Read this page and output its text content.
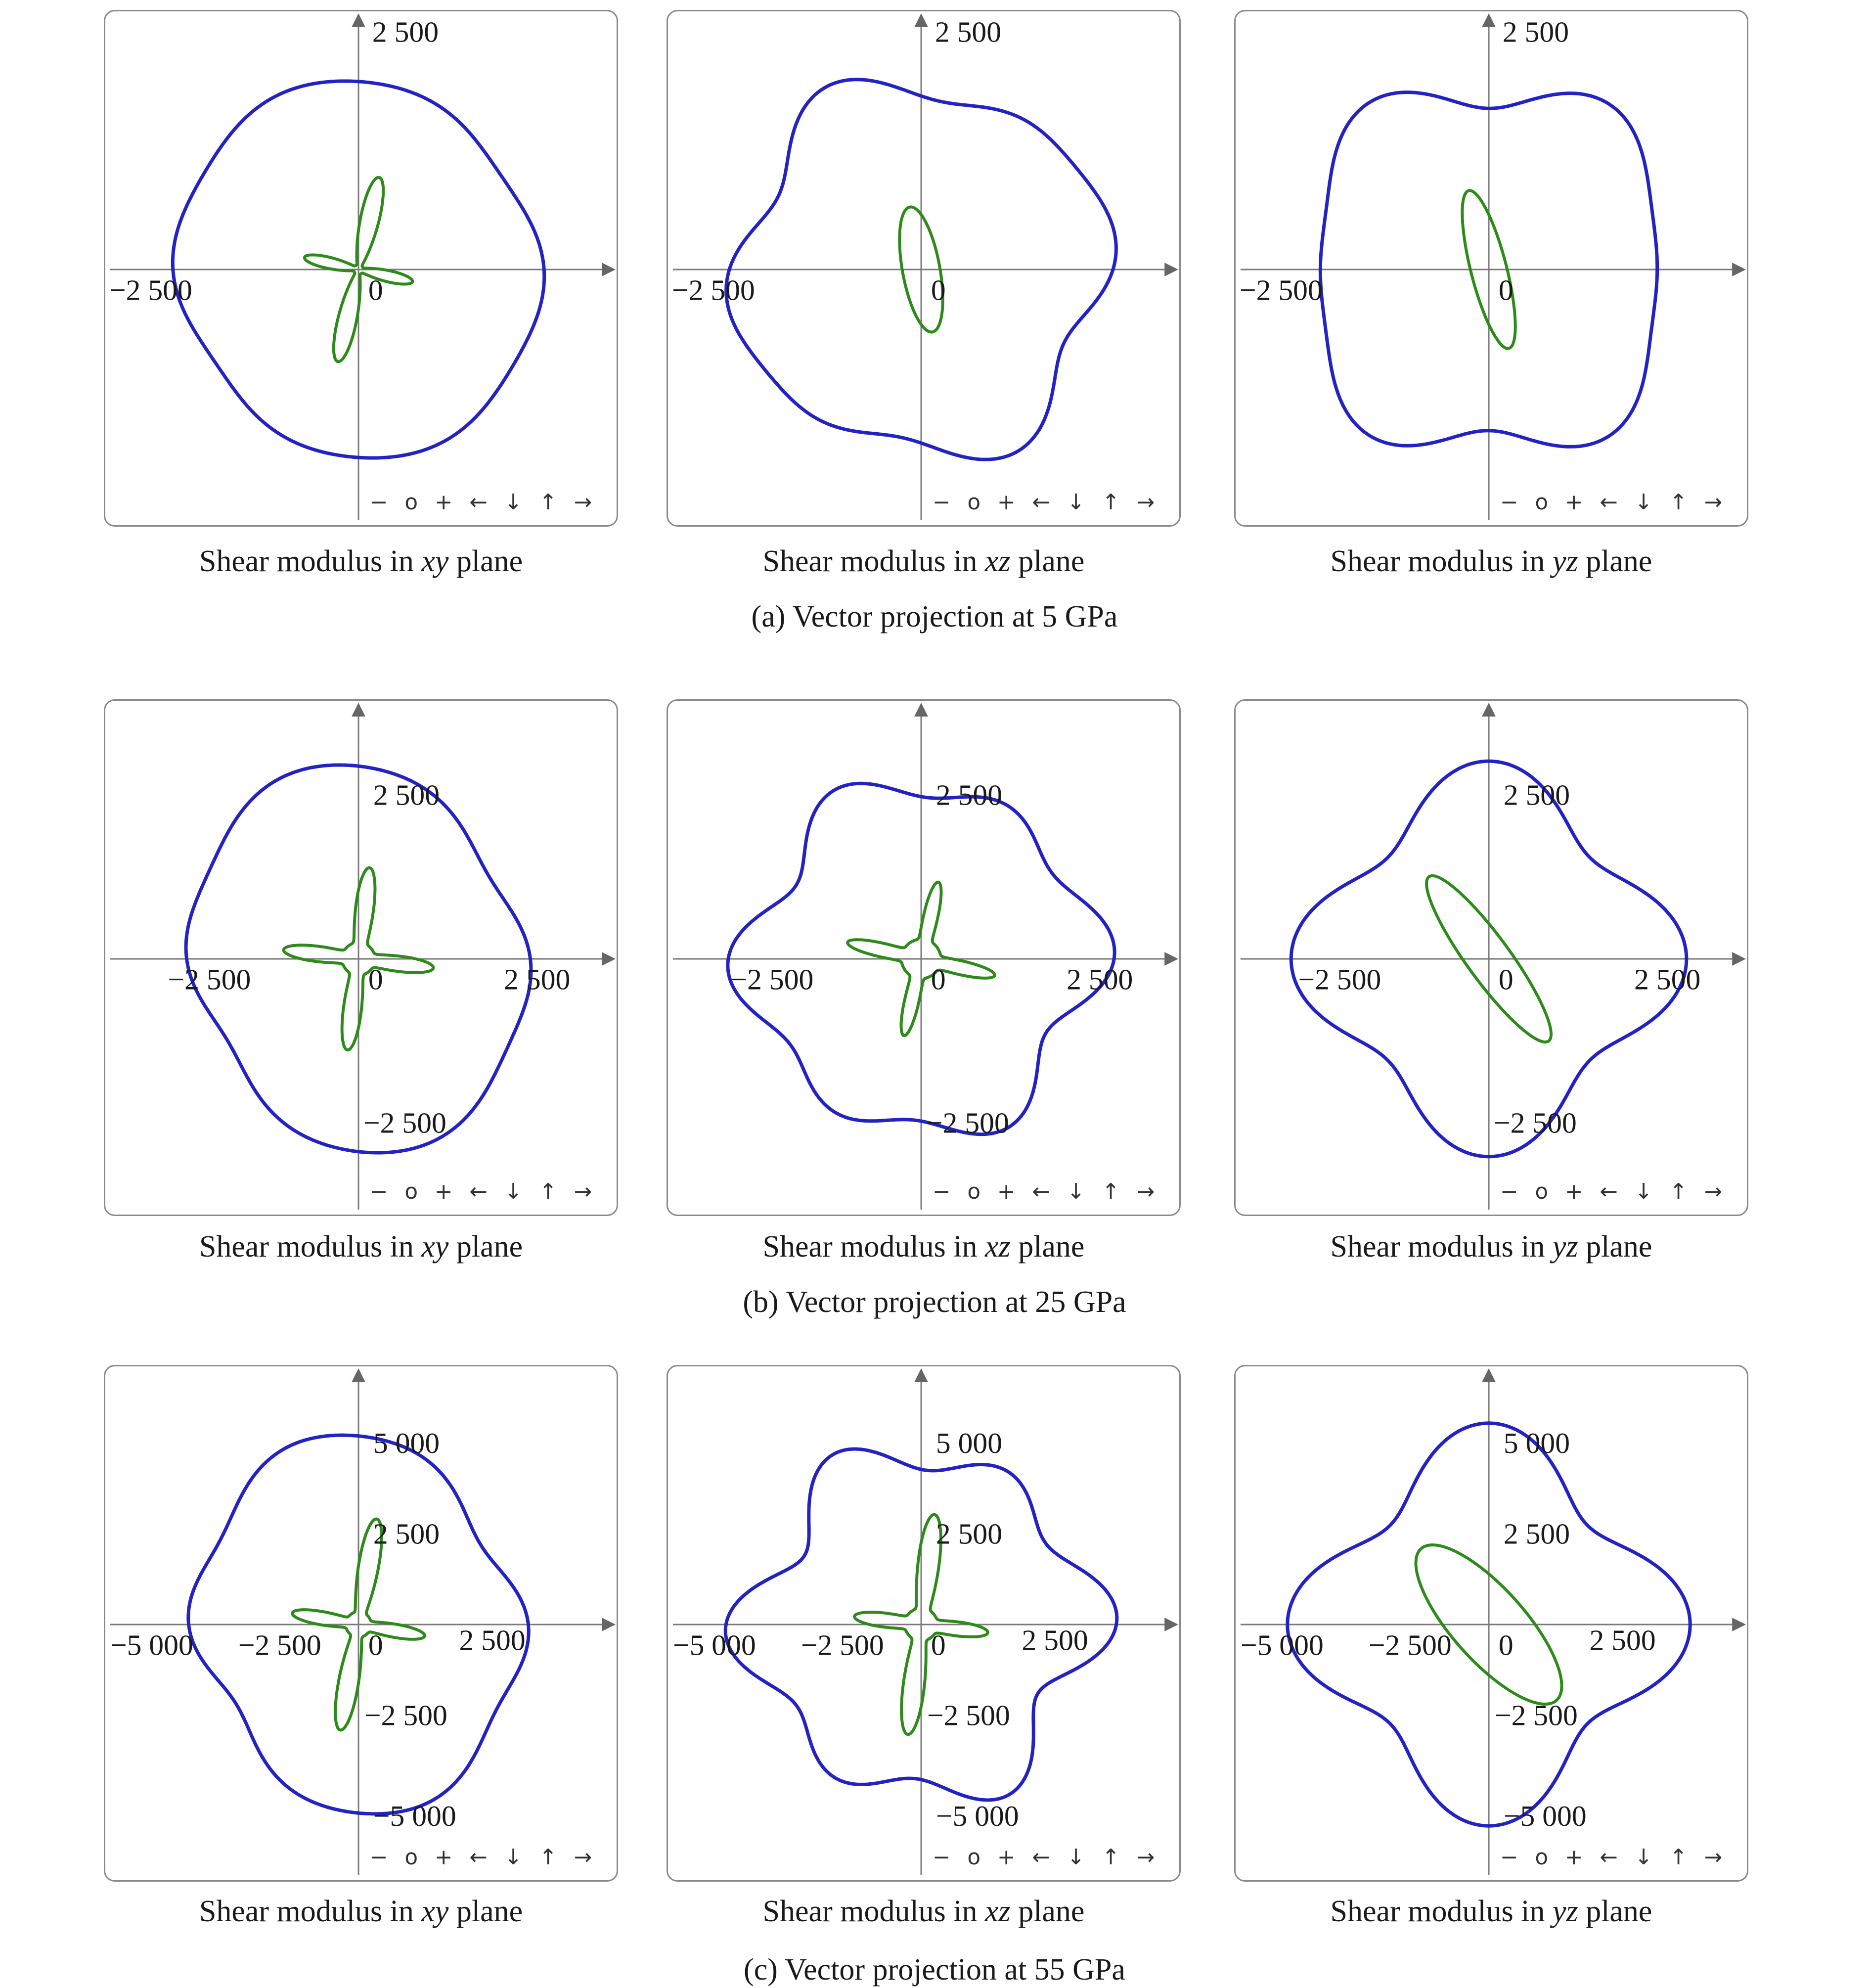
0
2 500
−2 500
− o + ← ↓ ↑ →
Shear modulus in xy plane
0
2 500
−2 500
− o + ← ↓ ↑ →
Shear modulus in xz plane
0
2 500
−2 500
− o + ← ↓ ↑ →
Shear modulus in yz plane
(a) Vector projection at 5 GPa
0
2 500
−2 500
−2 500	2 500
− o + ← ↓ ↑ →
Shear modulus in xy plane
0
2 500
−2 500
−2 500	2 500
− o + ← ↓ ↑ →
Shear modulus in xz plane
0
2 500
−2 500
−2 500	2 500
− o + ← ↓ ↑ →
Shear modulus in yz plane
(b) Vector projection at 25 GPa
0
5 000
2 500
−2 500
−5 000
−5 000 −2 500	2 500
− o + ← ↓ ↑ →
Shear modulus in xy plane
0
5 000
2 500
−2 500
−5 000
−5 000 −2 500	2 500
− o + ← ↓ ↑ →
Shear modulus in xz plane
0
5 000
2 500
−2 500
−5 000
−5 000 −2 500	2 500
− o + ← ↓ ↑ →
Shear modulus in yz plane
(c) Vector projection at 55 GPa
